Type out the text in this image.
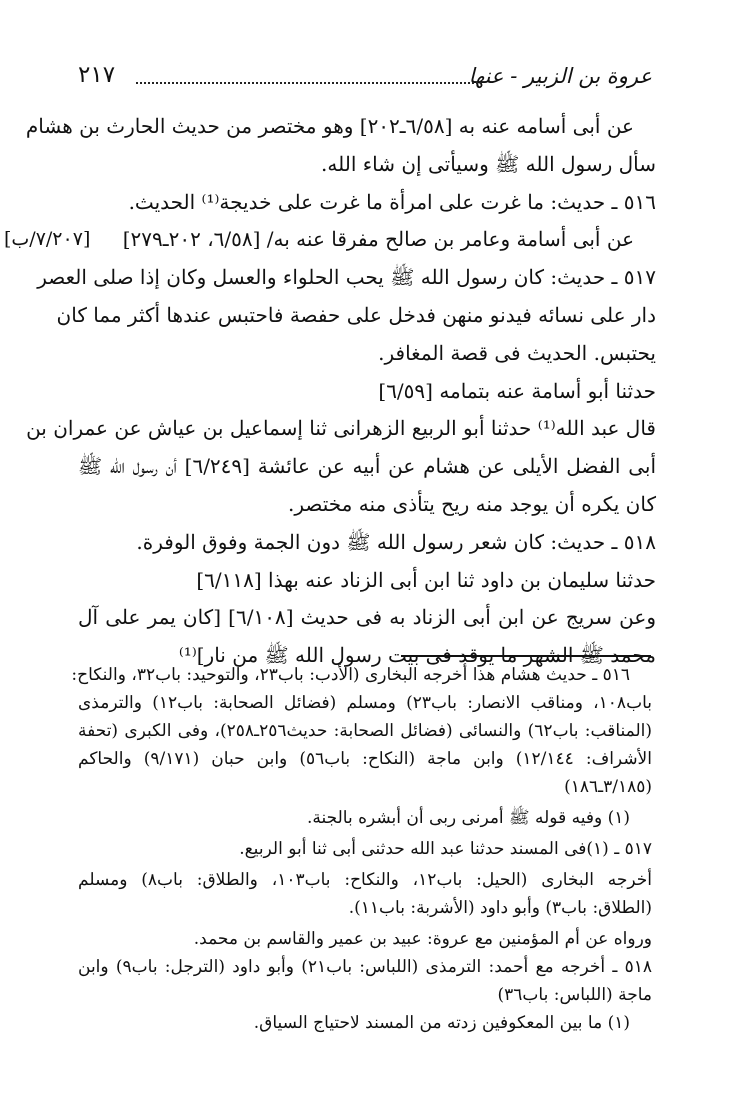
عروة بن الزبير - عنها
٢١٧
عن أبى أسامه عنه به [٦/٥٨ـ٢٠٢] وهو مختصر من حديث الحارث بن هشام
سأل رسول الله ﷺ وسيأتى إن شاء الله.
٥١٦ ـ حديث: ما غرت على امرأة ما غرت على خديجة⁽¹⁾ الحديث.
عن أبى أسامة وعامر بن صالح مفرقا عنه به/ [٦/٥٨، ٢٠٢ـ٢٧٩]
[٧/٢٠٧/ب]
٥١٧ ـ حديث: كان رسول الله ﷺ يحب الحلواء والعسل وكان إذا صلى العصر
دار على نسائه فيدنو منهن فدخل على حفصة فاحتبس عندها أكثر مما كان
يحتبس. الحديث فى قصة المغافر.
حدثنا أبو أسامة عنه بتمامه [٦/٥٩]
قال عبد الله⁽¹⁾ حدثنا أبو الربيع الزهرانى ثنا إسماعيل بن عياش عن عمران بن
أبى الفضل الأيلى عن هشام عن أبيه عن عائشة [٦/٢٤٩] أن رسول الله ﷺ
كان يكره أن يوجد منه ريح يتأذى منه مختصر.
٥١٨ ـ حديث: كان شعر رسول الله ﷺ دون الجمة وفوق الوفرة.
حدثنا سليمان بن داود ثنا ابن أبى الزناد عنه بهذا [٦/١١٨]
وعن سريج عن ابن أبى الزناد به فى حديث [٦/١٠٨] [كان يمر على آل
محمد ﷺ الشهر ما يوقد فى بيت رسول الله ﷺ من نار]⁽¹⁾
٥١٦ ـ حديث هشام هذا أخرجه البخارى (الأدب: باب٢٣، والتوحيد: باب٣٢، والنكاح:
باب١٠٨، ومناقب الانصار: باب٢٣) ومسلم (فضائل الصحابة: باب١٢) والترمذى
(المناقب: باب٦٢) والنسائى (فضائل الصحابة: حديث٢٥٦ـ٢٥٨)، وفى الكبرى (تحفة
الأشراف: ١٢/١٤٤) وابن ماجة (النكاح: باب٥٦) وابن حبان (٩/١٧١) والحاكم
(٣/١٨٥ـ١٨٦)
(١) وفيه قوله ﷺ أمرنى ربى أن أبشره بالجنة.
٥١٧ ـ (١)فى المسند حدثنا عبد الله حدثنى أبى ثنا أبو الربيع.
أخرجه البخارى (الحيل: باب١٢، والنكاح: باب١٠٣، والطلاق: باب٨) ومسلم
(الطلاق: باب٣) وأبو داود (الأشربة: باب١١).
ورواه عن أم المؤمنين مع عروة: عبيد بن عمير والقاسم بن محمد.
٥١٨ ـ أخرجه مع أحمد: الترمذى (اللباس: باب٢١) وأبو داود (الترجل: باب٩) وابن
ماجة (اللباس: باب٣٦)
(١) ما بين المعكوفين زدته من المسند لاحتياج السياق.
